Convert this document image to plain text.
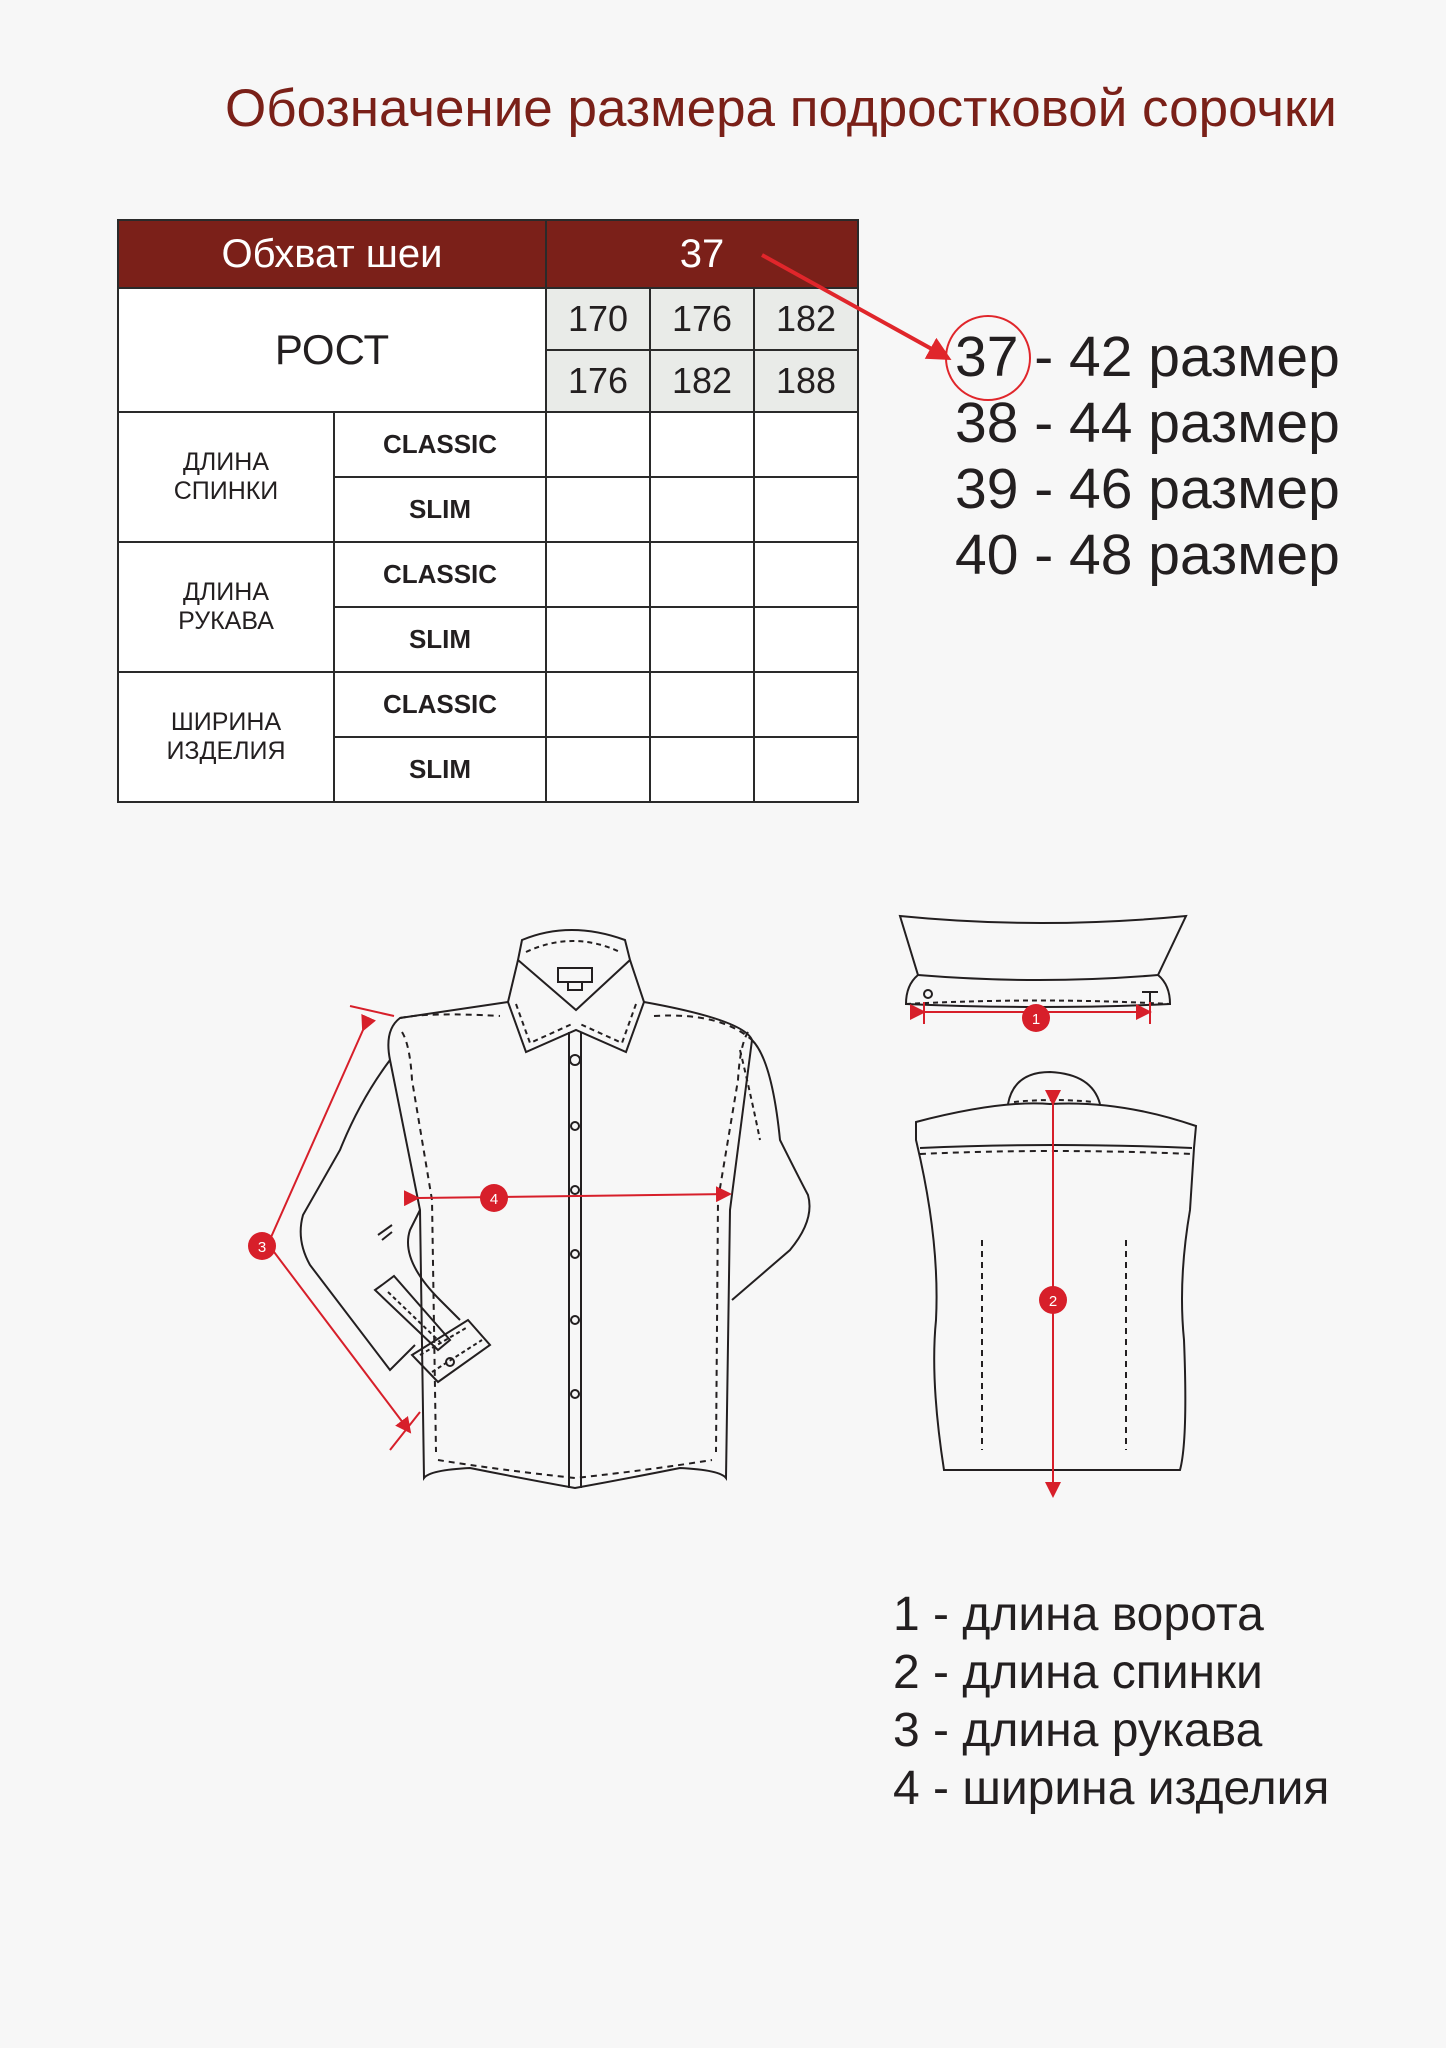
Обозначение размера подростковой сорочки
Обхват шеи		37		
РОСТ		170	176	182
		176	182	188

ДЛИНА
СПИНКИ	CLASSIC			
	SLIM			

ДЛИНА
РУКАВА	CLASSIC			
	SLIM			

ШИРИНА
ИЗДЕЛИЯ	CLASSIC			
	SLIM			
37 - 42 размер
38 - 44 размер
39 - 46 размер
40 - 48 размер
1
2
3
4
1 - длина ворота
2 - длина спинки
3 - длина рукава
4 - ширина изделия
